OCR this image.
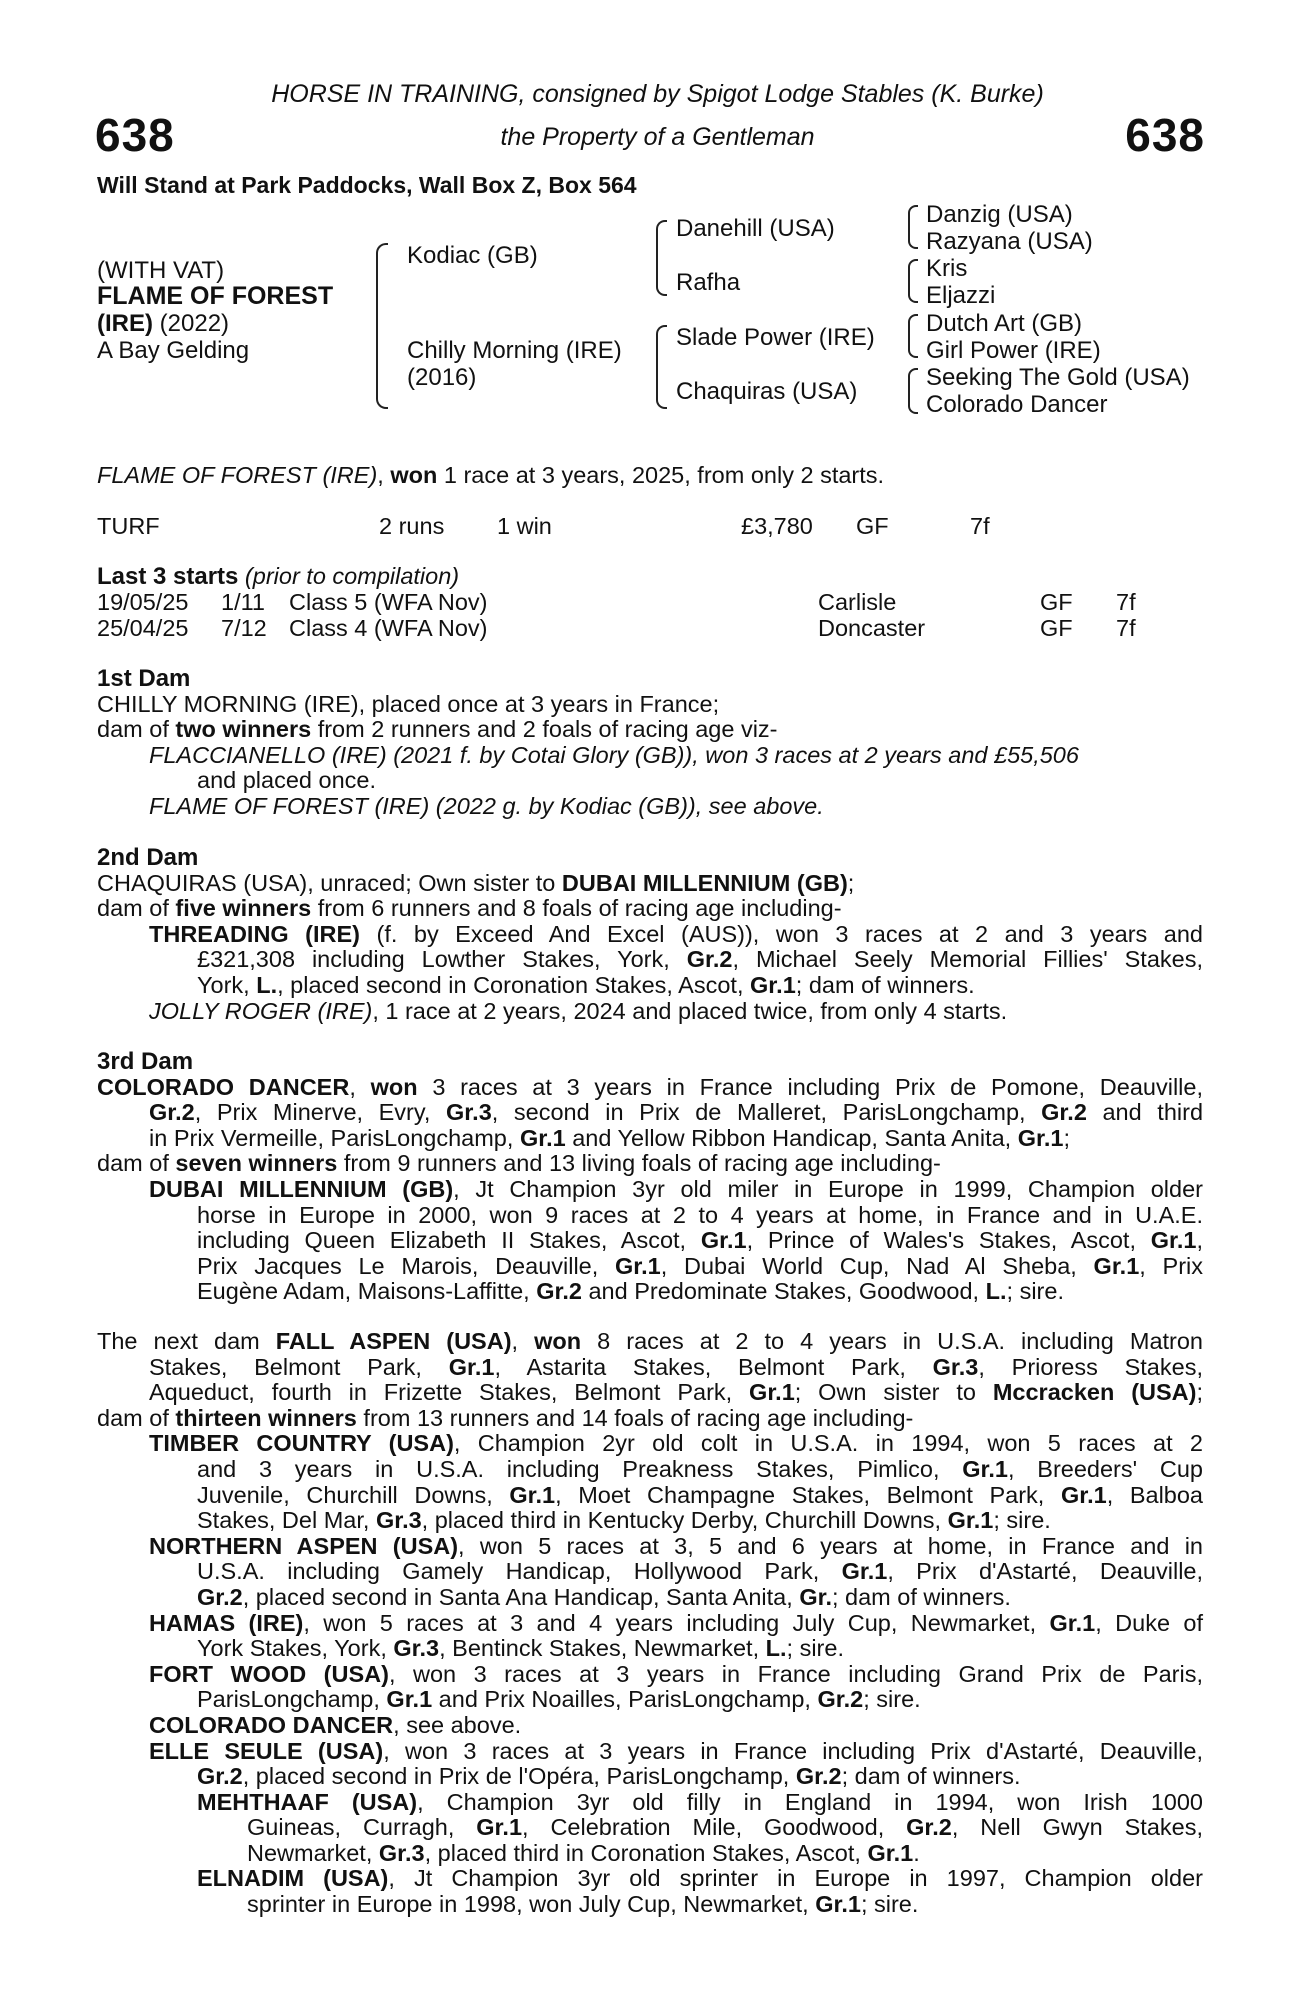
HORSE IN TRAINING, consigned by Spigot Lodge Stables (K. Burke)
the Property of a Gentleman
638	638
Will Stand at Park Paddocks, Wall Box Z, Box 564
(WITH VAT)
FLAME OF FOREST
(IRE) (2022)
A Bay Gelding
Kodiac (GB)
Chilly Morning (IRE)
(2016)
Danehill (USA)
Rafha
Slade Power (IRE)
Chaquiras (USA)
Danzig (USA)
Razyana (USA)
Kris
Eljazzi
Dutch Art (GB)
Girl Power (IRE)
Seeking The Gold (USA)
Colorado Dancer
FLAME OF FOREST (IRE), won 1 race at 3 years, 2025, from only 2 starts.
TURF	2 runs 1 win	£3,780 GF	7f
Last 3 starts (prior to compilation)
19/05/25 1/11 Class 5 (WFA Nov)	Carlisle	GF 7f
25/04/25 7/12 Class 4 (WFA Nov)	Doncaster	GF 7f
1st Dam
CHILLY MORNING (IRE), placed once at 3 years in France;
dam of two winners from 2 runners and 2 foals of racing age viz-
FLACCIANELLO (IRE) (2021 f. by Cotai Glory (GB)), won 3 races at 2 years and £55,506
and placed once.
FLAME OF FOREST (IRE) (2022 g. by Kodiac (GB)), see above.
2nd Dam
CHAQUIRAS (USA), unraced; Own sister to DUBAI MILLENNIUM (GB);
dam of five winners from 6 runners and 8 foals of racing age including-
THREADING (IRE) (f. by Exceed And Excel (AUS)), won 3 races at 2 and 3 years and
£321,308 including Lowther Stakes, York, Gr.2, Michael Seely Memorial Fillies' Stakes,
York, L., placed second in Coronation Stakes, Ascot, Gr.1; dam of winners.
JOLLY ROGER (IRE), 1 race at 2 years, 2024 and placed twice, from only 4 starts.
3rd Dam
COLORADO DANCER, won 3 races at 3 years in France including Prix de Pomone, Deauville,
Gr.2, Prix Minerve, Evry, Gr.3, second in Prix de Malleret, ParisLongchamp, Gr.2 and third
in Prix Vermeille, ParisLongchamp, Gr.1 and Yellow Ribbon Handicap, Santa Anita, Gr.1;
dam of seven winners from 9 runners and 13 living foals of racing age including-
DUBAI MILLENNIUM (GB), Jt Champion 3yr old miler in Europe in 1999, Champion older
horse in Europe in 2000, won 9 races at 2 to 4 years at home, in France and in U.A.E.
including Queen Elizabeth II Stakes, Ascot, Gr.1, Prince of Wales's Stakes, Ascot, Gr.1,
Prix Jacques Le Marois, Deauville, Gr.1, Dubai World Cup, Nad Al Sheba, Gr.1, Prix
Eugène Adam, Maisons-Laffitte, Gr.2 and Predominate Stakes, Goodwood, L.; sire.
The next dam FALL ASPEN (USA), won 8 races at 2 to 4 years in U.S.A. including Matron
Stakes, Belmont Park, Gr.1, Astarita Stakes, Belmont Park, Gr.3, Prioress Stakes,
Aqueduct, fourth in Frizette Stakes, Belmont Park, Gr.1; Own sister to Mccracken (USA);
dam of thirteen winners from 13 runners and 14 foals of racing age including-
TIMBER COUNTRY (USA), Champion 2yr old colt in U.S.A. in 1994, won 5 races at 2
and 3 years in U.S.A. including Preakness Stakes, Pimlico, Gr.1, Breeders' Cup
Juvenile, Churchill Downs, Gr.1, Moet Champagne Stakes, Belmont Park, Gr.1, Balboa
Stakes, Del Mar, Gr.3, placed third in Kentucky Derby, Churchill Downs, Gr.1; sire.
NORTHERN ASPEN (USA), won 5 races at 3, 5 and 6 years at home, in France and in
U.S.A. including Gamely Handicap, Hollywood Park, Gr.1, Prix d'Astarté, Deauville,
Gr.2, placed second in Santa Ana Handicap, Santa Anita, Gr.; dam of winners.
HAMAS (IRE), won 5 races at 3 and 4 years including July Cup, Newmarket, Gr.1, Duke of
York Stakes, York, Gr.3, Bentinck Stakes, Newmarket, L.; sire.
FORT WOOD (USA), won 3 races at 3 years in France including Grand Prix de Paris,
ParisLongchamp, Gr.1 and Prix Noailles, ParisLongchamp, Gr.2; sire.
COLORADO DANCER, see above.
ELLE SEULE (USA), won 3 races at 3 years in France including Prix d'Astarté, Deauville,
Gr.2, placed second in Prix de l'Opéra, ParisLongchamp, Gr.2; dam of winners.
MEHTHAAF (USA), Champion 3yr old filly in England in 1994, won Irish 1000
Guineas, Curragh, Gr.1, Celebration Mile, Goodwood, Gr.2, Nell Gwyn Stakes,
Newmarket, Gr.3, placed third in Coronation Stakes, Ascot, Gr.1.
ELNADIM (USA), Jt Champion 3yr old sprinter in Europe in 1997, Champion older
sprinter in Europe in 1998, won July Cup, Newmarket, Gr.1; sire.
